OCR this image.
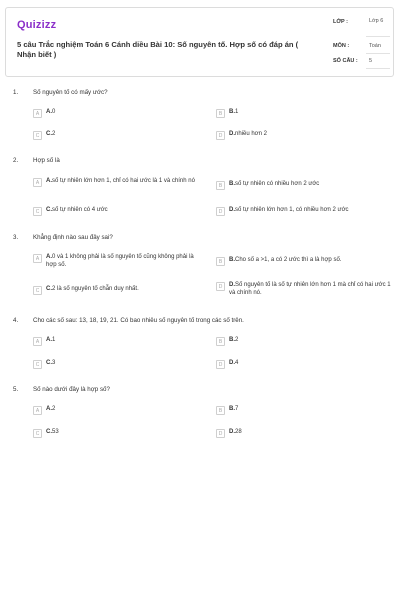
Quizizz
5 câu Trắc nghiệm Toán 6 Cánh diều Bài 10: Số nguyên tố. Hợp số có đáp án ( Nhận biết )
LỚP :	Lớp 6
MÔN :	Toán
SỐ CÂU : 5
1. Số nguyên tố có mấy ước?
A	A.0	B	B.1
C	C.2	D	D.nhiều hơn 2
2. Hợp số là
A	A.số tự nhiên lớn hơn 1, chỉ có hai ước là 1 và chính nó
B	B.số tự nhiên có nhiều hơn 2 ước
C	C.số tự nhiên có 4 ước	D	D.số tự nhiên lớn hơn 1, có nhiều hơn 2 ước
3. Khẳng định nào sau đây sai?
A	A.0 và 1 không phải là số nguyên tố cũng không phải là hợp số.	B	B.Cho số a >1, a có 2 ước thì a là hợp số.
C	C.2 là số nguyên tố chẵn duy nhất.	D	D.Số nguyên tố là số tự nhiên lớn hơn 1 mà chỉ có hai ước 1 và chính nó.
4. Cho các số sau: 13, 18, 19, 21. Có bao nhiêu số nguyên tố trong các số trên.
A	A.1	B	B.2
C	C.3	D	D.4
5. Số nào dưới đây là hợp số?
A	A.2	B	B.7
C	C.53	D	D.28
